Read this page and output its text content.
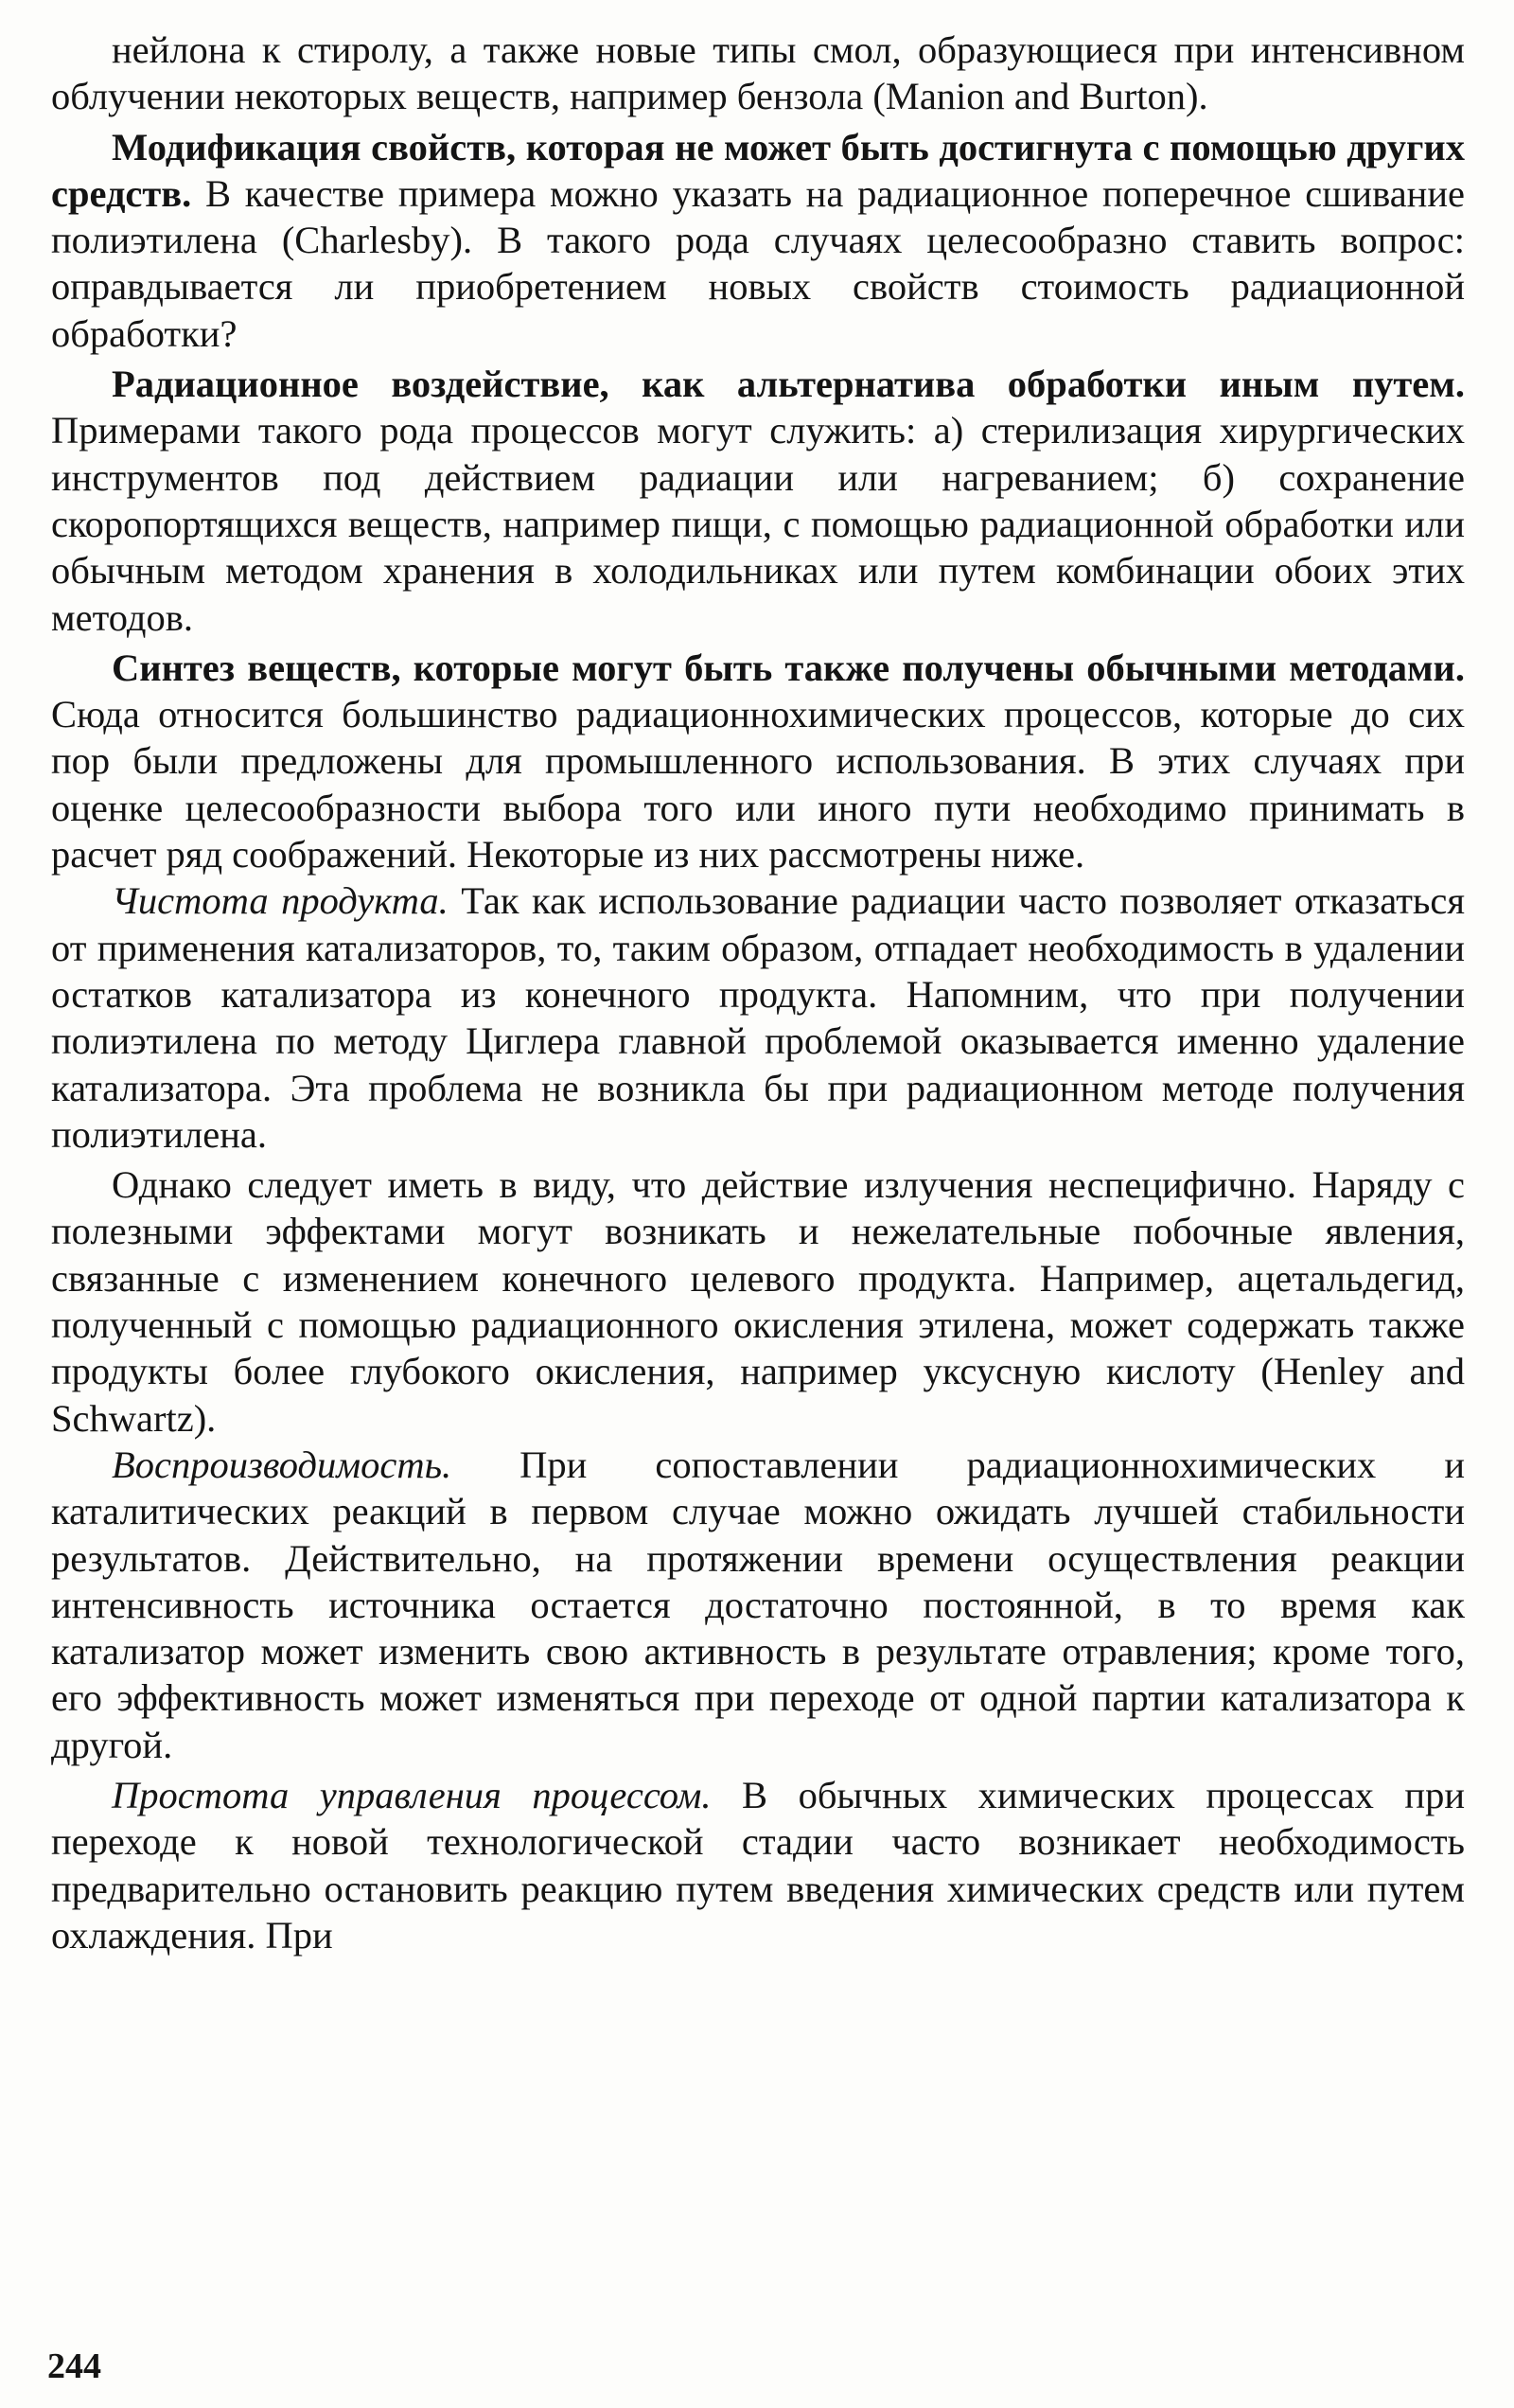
нейлона к стиролу, а также новые типы смол, образующиеся при интенсивном облучении некоторых веществ, например бензола (Manion and Burton).

Модификация свойств, которая не может быть достигнута с помощью других средств. В качестве примера можно указать на радиационное поперечное сшивание полиэтилена (Charlesby). В такого рода случаях целесообразно ставить вопрос: оправдывается ли приобретением новых свойств стоимость радиационной обработки?

Радиационное воздействие, как альтернатива обработки иным путем. Примерами такого рода процессов могут служить: а) стерилизация хирургических инструментов под действием радиации или нагреванием; б) сохранение скоропортящихся веществ, например пищи, с помощью радиационной обработки или обычным методом хранения в холодильниках или путем комбинации обоих этих методов.

Синтез веществ, которые могут быть также получены обычными методами. Сюда относится большинство радиационнохимических процессов, которые до сих пор были предложены для промышленного использования. В этих случаях при оценке целесообразности выбора того или иного пути необходимо принимать в расчет ряд соображений. Некоторые из них рассмотрены ниже.

Чистота продукта. Так как использование радиации часто позволяет отказаться от применения катализаторов, то, таким образом, отпадает необходимость в удалении остатков катализатора из конечного продукта. Напомним, что при получении полиэтилена по методу Циглера главной проблемой оказывается именно удаление катализатора. Эта проблема не возникла бы при радиационном методе получения полиэтилена.

Однако следует иметь в виду, что действие излучения неспецифично. Наряду с полезными эффектами могут возникать и нежелательные побочные явления, связанные с изменением конечного целевого продукта. Например, ацетальдегид, полученный с помощью радиационного окисления этилена, может содержать также продукты более глубокого окисления, например уксусную кислоту (Henley and Schwartz).

Воспроизводимость. При сопоставлении радиационнохимических и каталитических реакций в первом случае можно ожидать лучшей стабильности результатов. Действительно, на протяжении времени осуществления реакции интенсивность источника остается достаточно постоянной, в то время как катализатор может изменить свою активность в результате отравления; кроме того, его эффективность может изменяться при переходе от одной партии катализатора к другой.

Простота управления процессом. В обычных химических процессах при переходе к новой технологической стадии часто возникает необходимость предварительно остановить реакцию путем введения химических средств или путем охлаждения. При

244
